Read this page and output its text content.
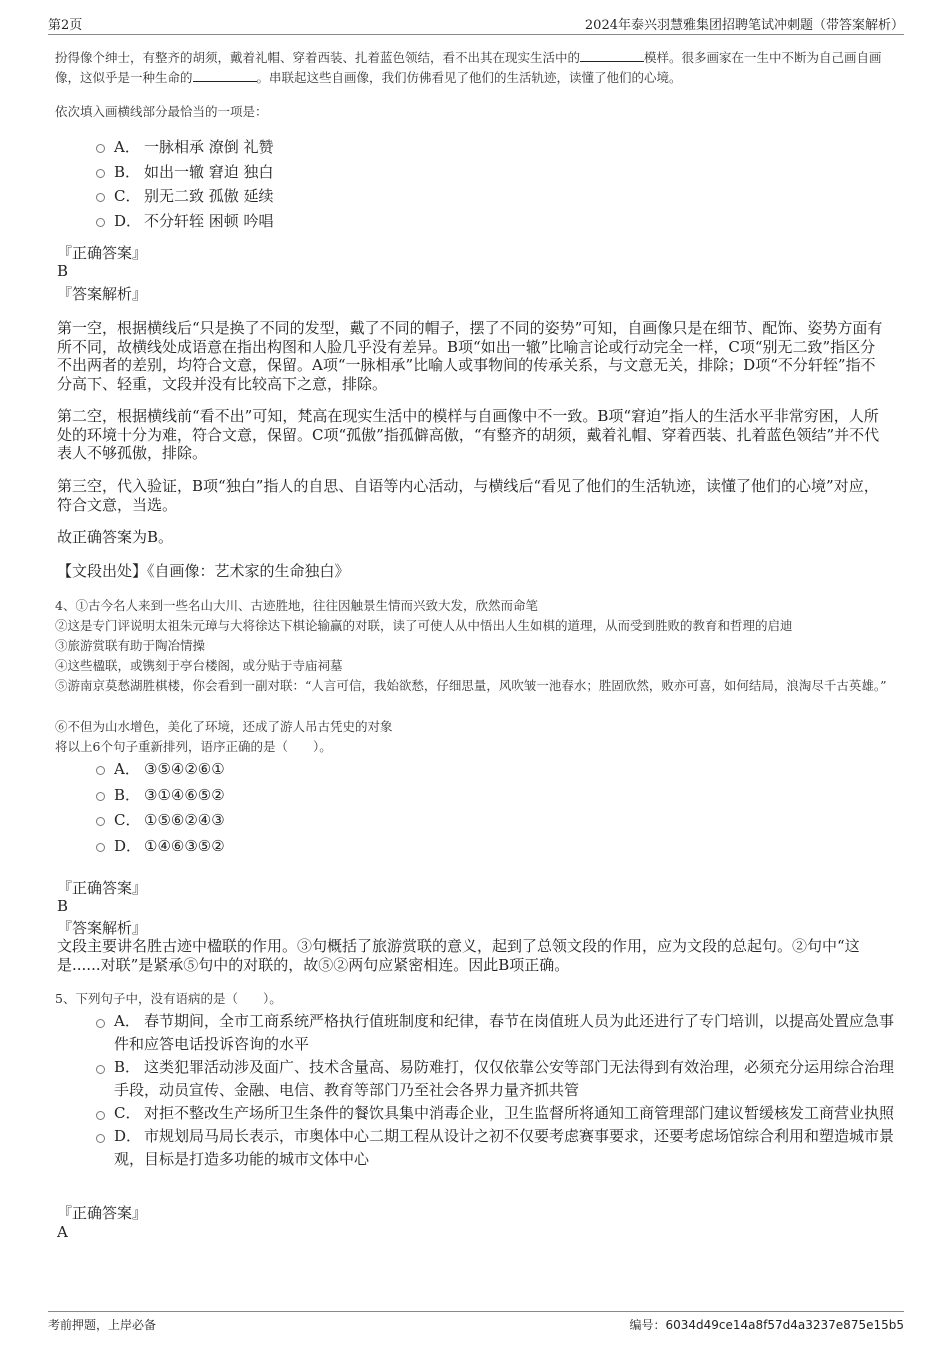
第2页	2024年泰兴羽慧雅集团招聘笔试冲刺题（带答案解析）
扮得像个绅士，有整齐的胡须，戴着礼帽、穿着西装、扎着蓝色领结，看不出其在现实生活中的	模样。很多画家在一生中不断为自己画自画像，这似乎是一种生命的	。串联起这些自画像，我们仿佛看见了他们的生活轨迹，读懂了他们的心境。
依次填入画横线部分最恰当的一项是：
A． 一脉相承 潦倒 礼赞
B． 如出一辙 窘迫 独白
C． 别无二致 孤傲 延续
D． 不分轩轾 困顿 吟唱
『正确答案』
B
『答案解析』
第一空，根据横线后“只是换了不同的发型，戴了不同的帽子，摆了不同的姿势”可知，自画像只是在细节、配饰、姿势方面有所不同，故横线处成语意在指出构图和人脸几乎没有差异。B项“如出一辙”比喻言论或行动完全一样，C项“别无二致”指区分不出两者的差别，均符合文意，保留。A项“一脉相承”比喻人或事物间的传承关系，与文意无关，排除；D项“不分轩轾”指不分高下、轻重，文段并没有比较高下之意，排除。
第二空，根据横线前“看不出”可知，梵高在现实生活中的模样与自画像中不一致。B项“窘迫”指人的生活水平非常穷困，人所处的环境十分为难，符合文意，保留。C项“孤傲”指孤僻高傲，“有整齐的胡须，戴着礼帽、穿着西装、扎着蓝色领结”并不代表人不够孤傲，排除。
第三空，代入验证，B项“独白”指人的自思、自语等内心活动，与横线后“看见了他们的生活轨迹，读懂了他们的心境”对应，符合文意，当选。
故正确答案为B。
【文段出处】《自画像：艺术家的生命独白》
4、①古今名人来到一些名山大川、古迹胜地，往往因触景生情而兴致大发，欣然而命笔
②这是专门评说明太祖朱元璋与大将徐达下棋论输赢的对联，读了可使人从中悟出人生如棋的道理，从而受到胜败的教育和哲理的启迪
③旅游赏联有助于陶冶情操
④这些楹联，或镌刻于亭台楼阁，或分贴于寺庙祠墓
⑤游南京莫愁湖胜棋楼，你会看到一副对联：“人言可信，我始欲愁，仔细思量，风吹皱一池春水；胜固欣然，败亦可喜，如何结局，浪淘尽千古英雄。”
⑥不但为山水增色，美化了环境，还成了游人吊古凭史的对象
将以上6个句子重新排列，语序正确的是（　　）。
A． ③⑤④②⑥①
B． ③①④⑥⑤②
C． ①⑤⑥②④③
D． ①④⑥③⑤②
『正确答案』
B
『答案解析』
文段主要讲名胜古迹中楹联的作用。③句概括了旅游赏联的意义，起到了总领文段的作用，应为文段的总起句。②句中“这是......对联”是紧承⑤句中的对联的，故⑤②两句应紧密相连。因此B项正确。
5、下列句子中，没有语病的是（　　）。
A． 春节期间，全市工商系统严格执行值班制度和纪律，春节在岗值班人员为此还进行了专门培训，以提高处置应急事件和应答电话投诉咨询的水平
B． 这类犯罪活动涉及面广、技术含量高、易防难打，仅仅依靠公安等部门无法得到有效治理，必须充分运用综合治理手段，动员宣传、金融、电信、教育等部门乃至社会各界力量齐抓共管
C． 对拒不整改生产场所卫生条件的餐饮具集中消毒企业，卫生监督所将通知工商管理部门建议暂缓核发工商营业执照
D． 市规划局马局长表示，市奥体中心二期工程从设计之初不仅要考虑赛事要求，还要考虑场馆综合利用和塑造城市景观，目标是打造多功能的城市文体中心
『正确答案』
A
考前押题，上岸必备	编号：6034d49ce14a8f57d4a3237e875e15b5
